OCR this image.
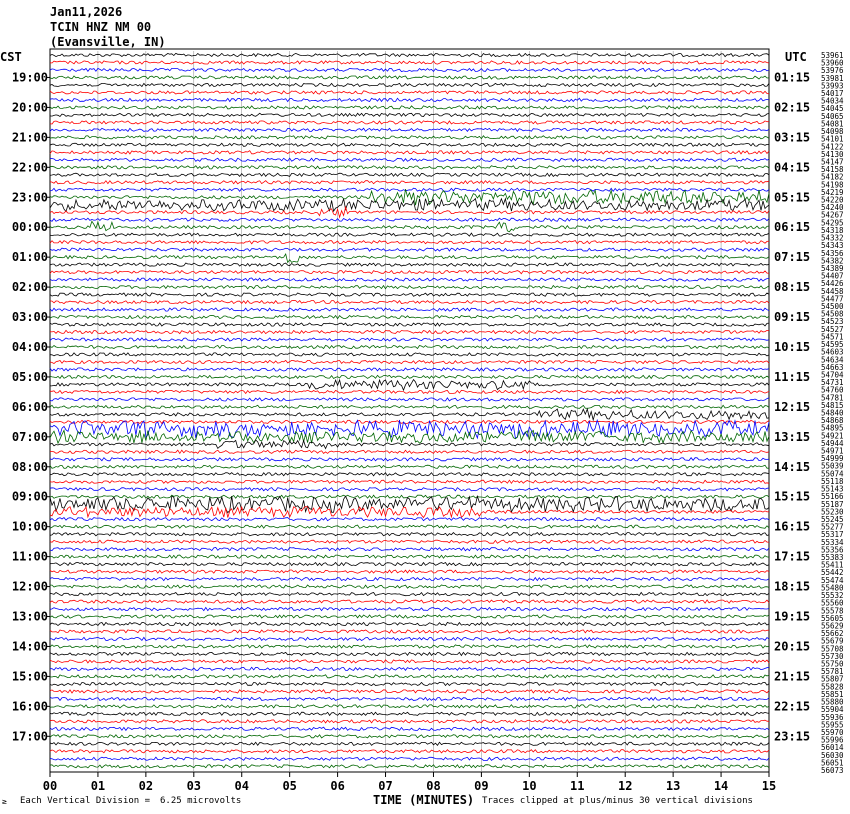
Jan11,2026
TCIN HNZ NM 00
(Evansville, IN)
CST	UTC
19:00
20:00
21:00
22:00
23:00
00:00
01:00
02:00
03:00
04:00
05:00
06:00
07:00
08:00
09:00
10:00
11:00
12:00
13:00
14:00
15:00
16:00
17:00
01:15
02:15
03:15
04:15
05:15
06:15
07:15
08:15
09:15
10:15
11:15
12:15
13:15
14:15
15:15
16:15
17:15
18:15
19:15
20:15
21:15
22:15
23:15
53961
53960
53976
53981
53993
54017
54034
54045
54065
54081
54098
54101
54122
54130
54147
54158
54182
54198
54219
54220
54240
54267
54295
54318
54332
54343
54356
54382
54389
54407
54426
54458
54477
54500
54508
54523
54527
54571
54595
54603
54634
54663
54704
54731
54760
54781
54815
54840
54868
54895
54921
54944
54971
54999
55039
55074
55118
55143
55166
55187
55230
55245
55277
55317
55334
55356
55383
55411
55442
55474
55480
55532
55560
55578
55605
55629
55662
55679
55708
55730
55750
55781
55807
55828
55851
55880
55904
55936
55955
55970
55996
56014
56030
56051
56073
00	01	02	03	04	05	06	07	08	09	10	11	12	13	14	15
≥ Each Vertical Division = 6.25 microvolts	TIME (MINUTES) Traces clipped at plus/minus 30 vertical divisions
